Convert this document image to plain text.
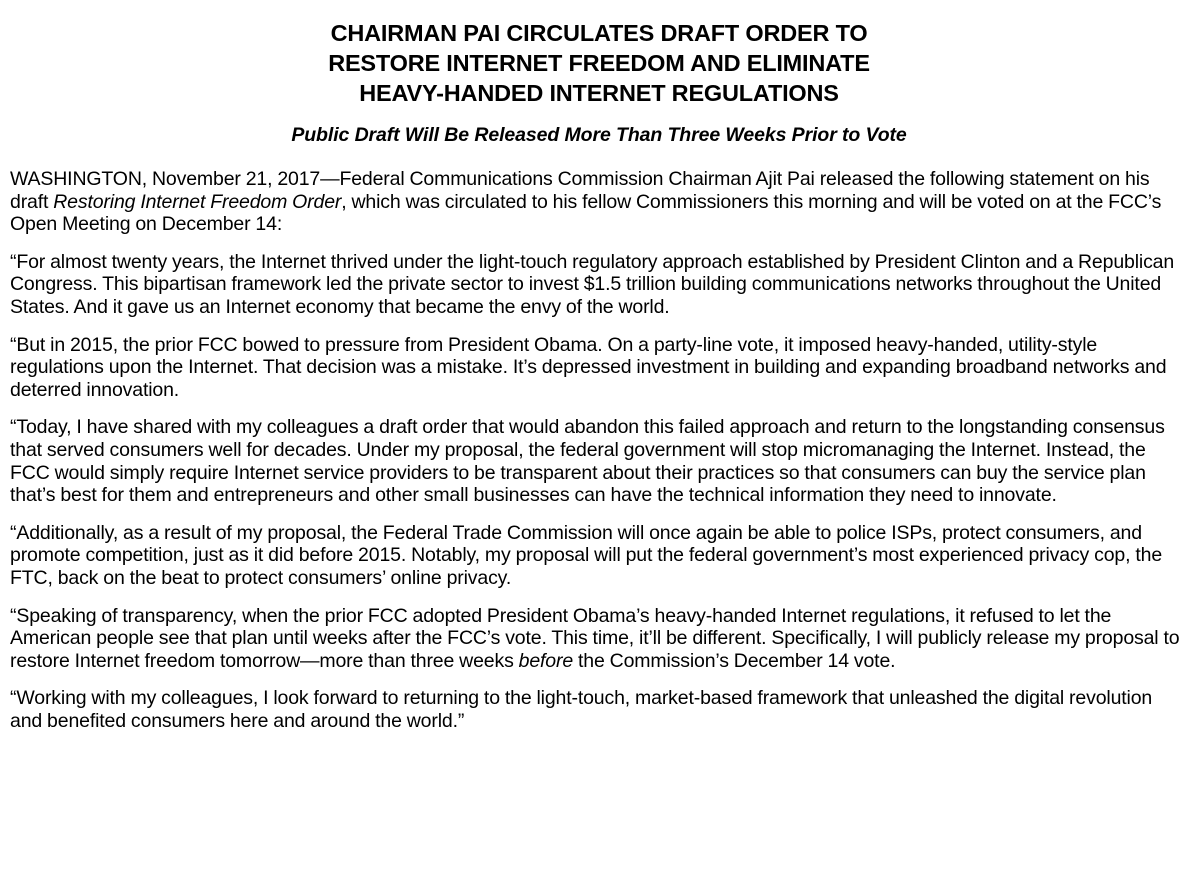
CHAIRMAN PAI CIRCULATES DRAFT ORDER TO
RESTORE INTERNET FREEDOM AND ELIMINATE
HEAVY-HANDED INTERNET REGULATIONS

Public Draft Will Be Released More Than Three Weeks Prior to Vote

WASHINGTON, November 21, 2017—Federal Communications Commission Chairman Ajit Pai released the following statement on his draft Restoring Internet Freedom Order, which was circulated to his fellow Commissioners this morning and will be voted on at the FCC’s Open Meeting on December 14:

“For almost twenty years, the Internet thrived under the light-touch regulatory approach established by President Clinton and a Republican Congress. This bipartisan framework led the private sector to invest $1.5 trillion building communications networks throughout the United States. And it gave us an Internet economy that became the envy of the world.

“But in 2015, the prior FCC bowed to pressure from President Obama. On a party-line vote, it imposed heavy-handed, utility-style regulations upon the Internet. That decision was a mistake. It’s depressed investment in building and expanding broadband networks and deterred innovation.

“Today, I have shared with my colleagues a draft order that would abandon this failed approach and return to the longstanding consensus that served consumers well for decades. Under my proposal, the federal government will stop micromanaging the Internet. Instead, the FCC would simply require Internet service providers to be transparent about their practices so that consumers can buy the service plan that’s best for them and entrepreneurs and other small businesses can have the technical information they need to innovate.

“Additionally, as a result of my proposal, the Federal Trade Commission will once again be able to police ISPs, protect consumers, and promote competition, just as it did before 2015. Notably, my proposal will put the federal government’s most experienced privacy cop, the FTC, back on the beat to protect consumers’ online privacy.

“Speaking of transparency, when the prior FCC adopted President Obama’s heavy-handed Internet regulations, it refused to let the American people see that plan until weeks after the FCC’s vote. This time, it’ll be different. Specifically, I will publicly release my proposal to restore Internet freedom tomorrow—more than three weeks before the Commission’s December 14 vote.

“Working with my colleagues, I look forward to returning to the light-touch, market-based framework that unleashed the digital revolution and benefited consumers here and around the world.”
